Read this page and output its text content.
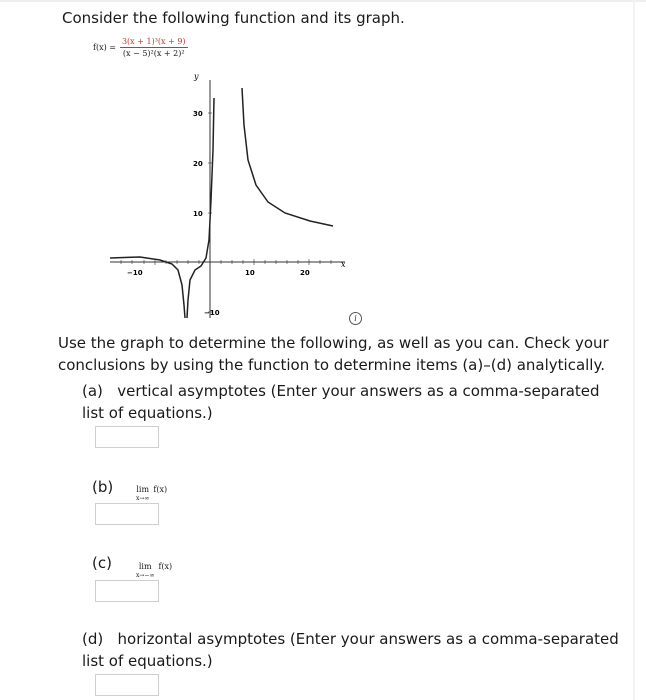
Consider the following function and its graph.
$f(x) = \frac{\text{3(x + 1)³(x + 9)}}{\text{(x − 5)²(x + 2)²}}$
y
x
−10	10	20
30
20
10
−10
i
Use the graph to determine the following, as well as you can. Check your conclusions by using the function to determine items (a)–(d) analytically.
(a) vertical asymptotes (Enter your answers as a comma-separated list of equations.)
(b)	lim
x→∞
f(x)
(c)	lim
x→−∞
f(x)
(d) horizontal asymptotes (Enter your answers as a comma-separated list of equations.)
